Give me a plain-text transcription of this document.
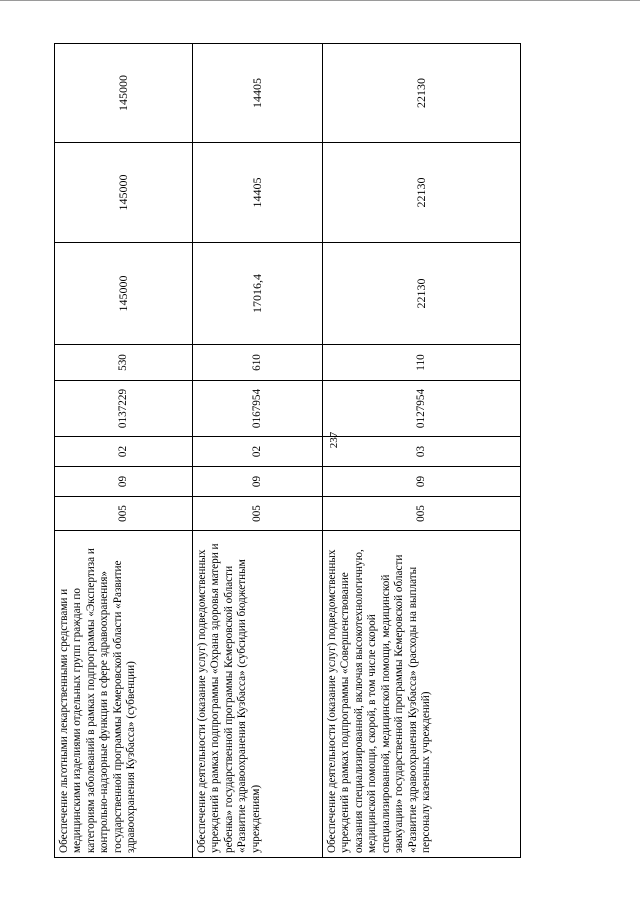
237
Обеспечение льготными лекарственными средствами и медицинскими изделиями отдельных групп граждан по категориям заболеваний в рамках подпрограммы «Экспертиза и контрольно-надзорные функции в сфере здравоохранения» государственной программы Кемеровской области «Развитие здравоохранения Кузбасса» (субвенции)	005	09	02	0137229	530	145000	145000	145000
Обеспечение деятельности (оказание услуг) подведомственных учреждений в рамках подпрограммы «Охрана здоровья матери и ребенка» государственной программы Кемеровской области «Развитие здравоохранения Кузбасса» (субсидии бюджетным учреждениям)	005	09	02	0167954	610	17016,4	14405	14405
Обеспечение деятельности (оказание услуг) подведомственных учреждений в рамках подпрограммы «Совершенствование оказания специализированной, включая высокотехнологичную, медицинской помощи, скорой, в том числе скорой специализированной, медицинской помощи, медицинской эвакуации» государственной программы Кемеровской области «Развитие здравоохранения Кузбасса» (расходы на выплаты персоналу казенных учреждений)	005	09	03	0127954	110	22130	22130	22130
